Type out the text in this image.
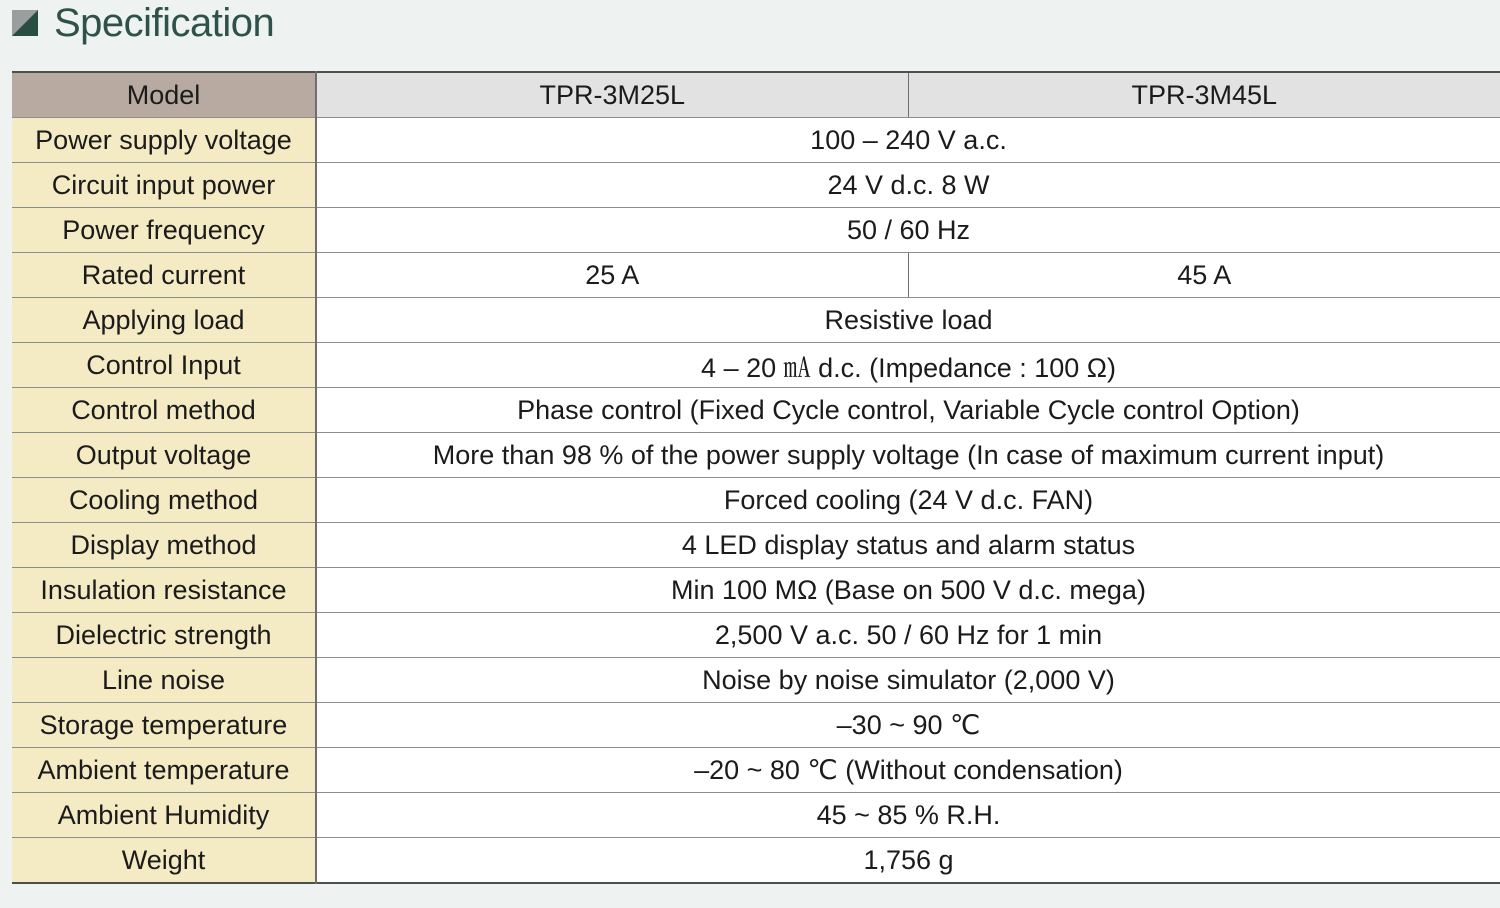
Specification
Model	TPR-3M25L	TPR-3M45L
Power supply voltage	100 – 240 V a.c.	
Circuit input power	24 V d.c. 8 W	
Power frequency	50 / 60 Hz	
Rated current	25 A	45 A
Applying load	Resistive load	
Control Input	4 – 20 ㎃ d.c. (Impedance : 100 Ω)	
Control method	Phase control (Fixed Cycle control, Variable Cycle control Option)	
Output voltage	More than 98 % of the power supply voltage (In case of maximum current input)	
Cooling method	Forced cooling (24 V d.c. FAN)	
Display method	4 LED display status and alarm status	
Insulation resistance	Min 100 MΩ (Base on 500 V d.c. mega)	
Dielectric strength	2,500 V a.c. 50 / 60 Hz for 1 min	
Line noise	Noise by noise simulator (2,000 V)	
Storage temperature	–30 ~ 90 ℃	
Ambient temperature	–20 ~ 80 ℃ (Without condensation)	
Ambient Humidity	45 ~ 85 % R.H.	
Weight	1,756 g	
